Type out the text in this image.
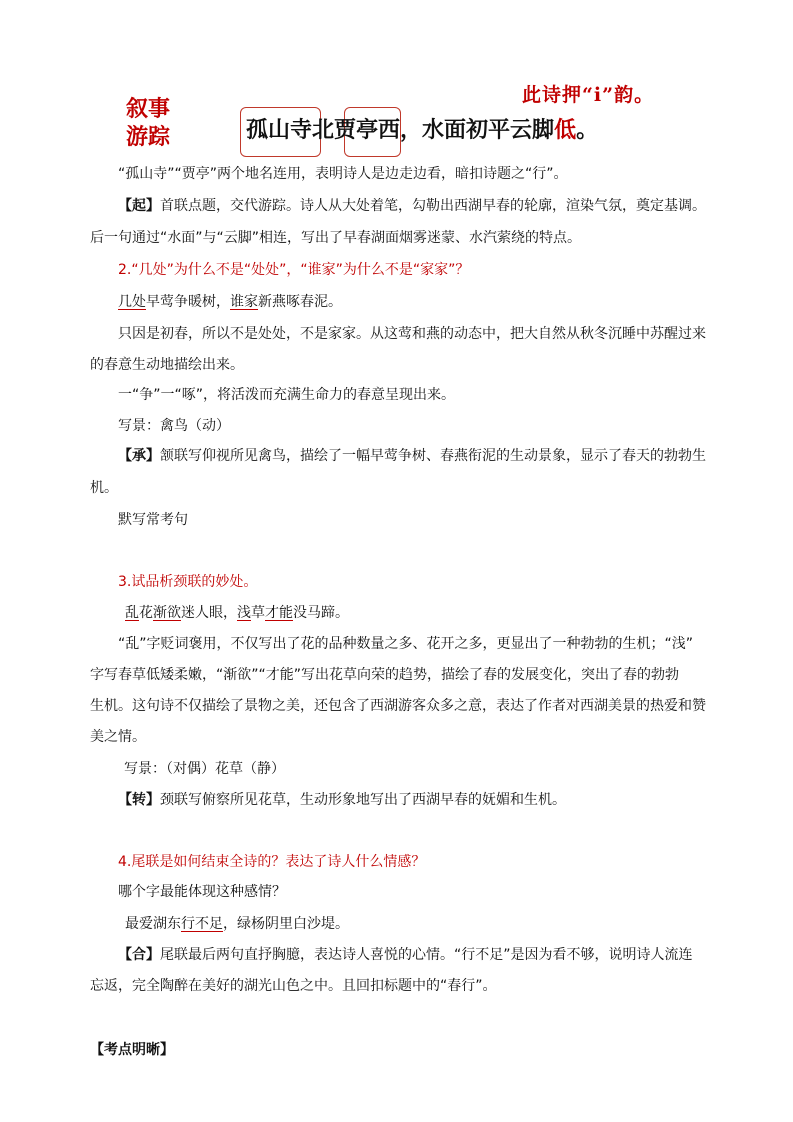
此诗押“i”韵。
叙事
游踪	孤山寺北贾亭西，水面初平云脚低。
“孤山寺”“贾亭”两个地名连用，表明诗人是边走边看，暗扣诗题之“行”。
【起】首联点题，交代游踪。诗人从大处着笔，勾勒出西湖早春的轮廓，渲染气氛，奠定基调。
后一句通过“水面”与“云脚”相连，写出了早春湖面烟雾迷蒙、水汽萦绕的特点。
2.“几处”为什么不是“处处”，“谁家”为什么不是“家家”？
几处早莺争暖树，谁家新燕啄春泥。
只因是初春，所以不是处处，不是家家。从这莺和燕的动态中，把大自然从秋冬沉睡中苏醒过来
的春意生动地描绘出来。
一“争”一“啄”，将活泼而充满生命力的春意呈现出来。
写景：禽鸟（动）
【承】颔联写仰视所见禽鸟，描绘了一幅早莺争树、春燕衔泥的生动景象，显示了春天的勃勃生
机。
默写常考句
3.试品析颈联的妙处。
乱花渐欲迷人眼，浅草才能没马蹄。
“乱”字贬词褒用，不仅写出了花的品种数量之多、花开之多，更显出了一种勃勃的生机；“浅”
字写春草低矮柔嫩，“渐欲”“才能”写出花草向荣的趋势，描绘了春的发展变化，突出了春的勃勃
生机。这句诗不仅描绘了景物之美，还包含了西湖游客众多之意，表达了作者对西湖美景的热爱和赞
美之情。
写景：（对偶）花草（静）
【转】颈联写俯察所见花草，生动形象地写出了西湖早春的妩媚和生机。
4.尾联是如何结束全诗的？表达了诗人什么情感？
哪个字最能体现这种感情？
最爱湖东行不足，绿杨阴里白沙堤。
【合】尾联最后两句直抒胸臆，表达诗人喜悦的心情。“行不足”是因为看不够，说明诗人流连
忘返，完全陶醉在美好的湖光山色之中。且回扣标题中的“春行”。
【考点明晰】
